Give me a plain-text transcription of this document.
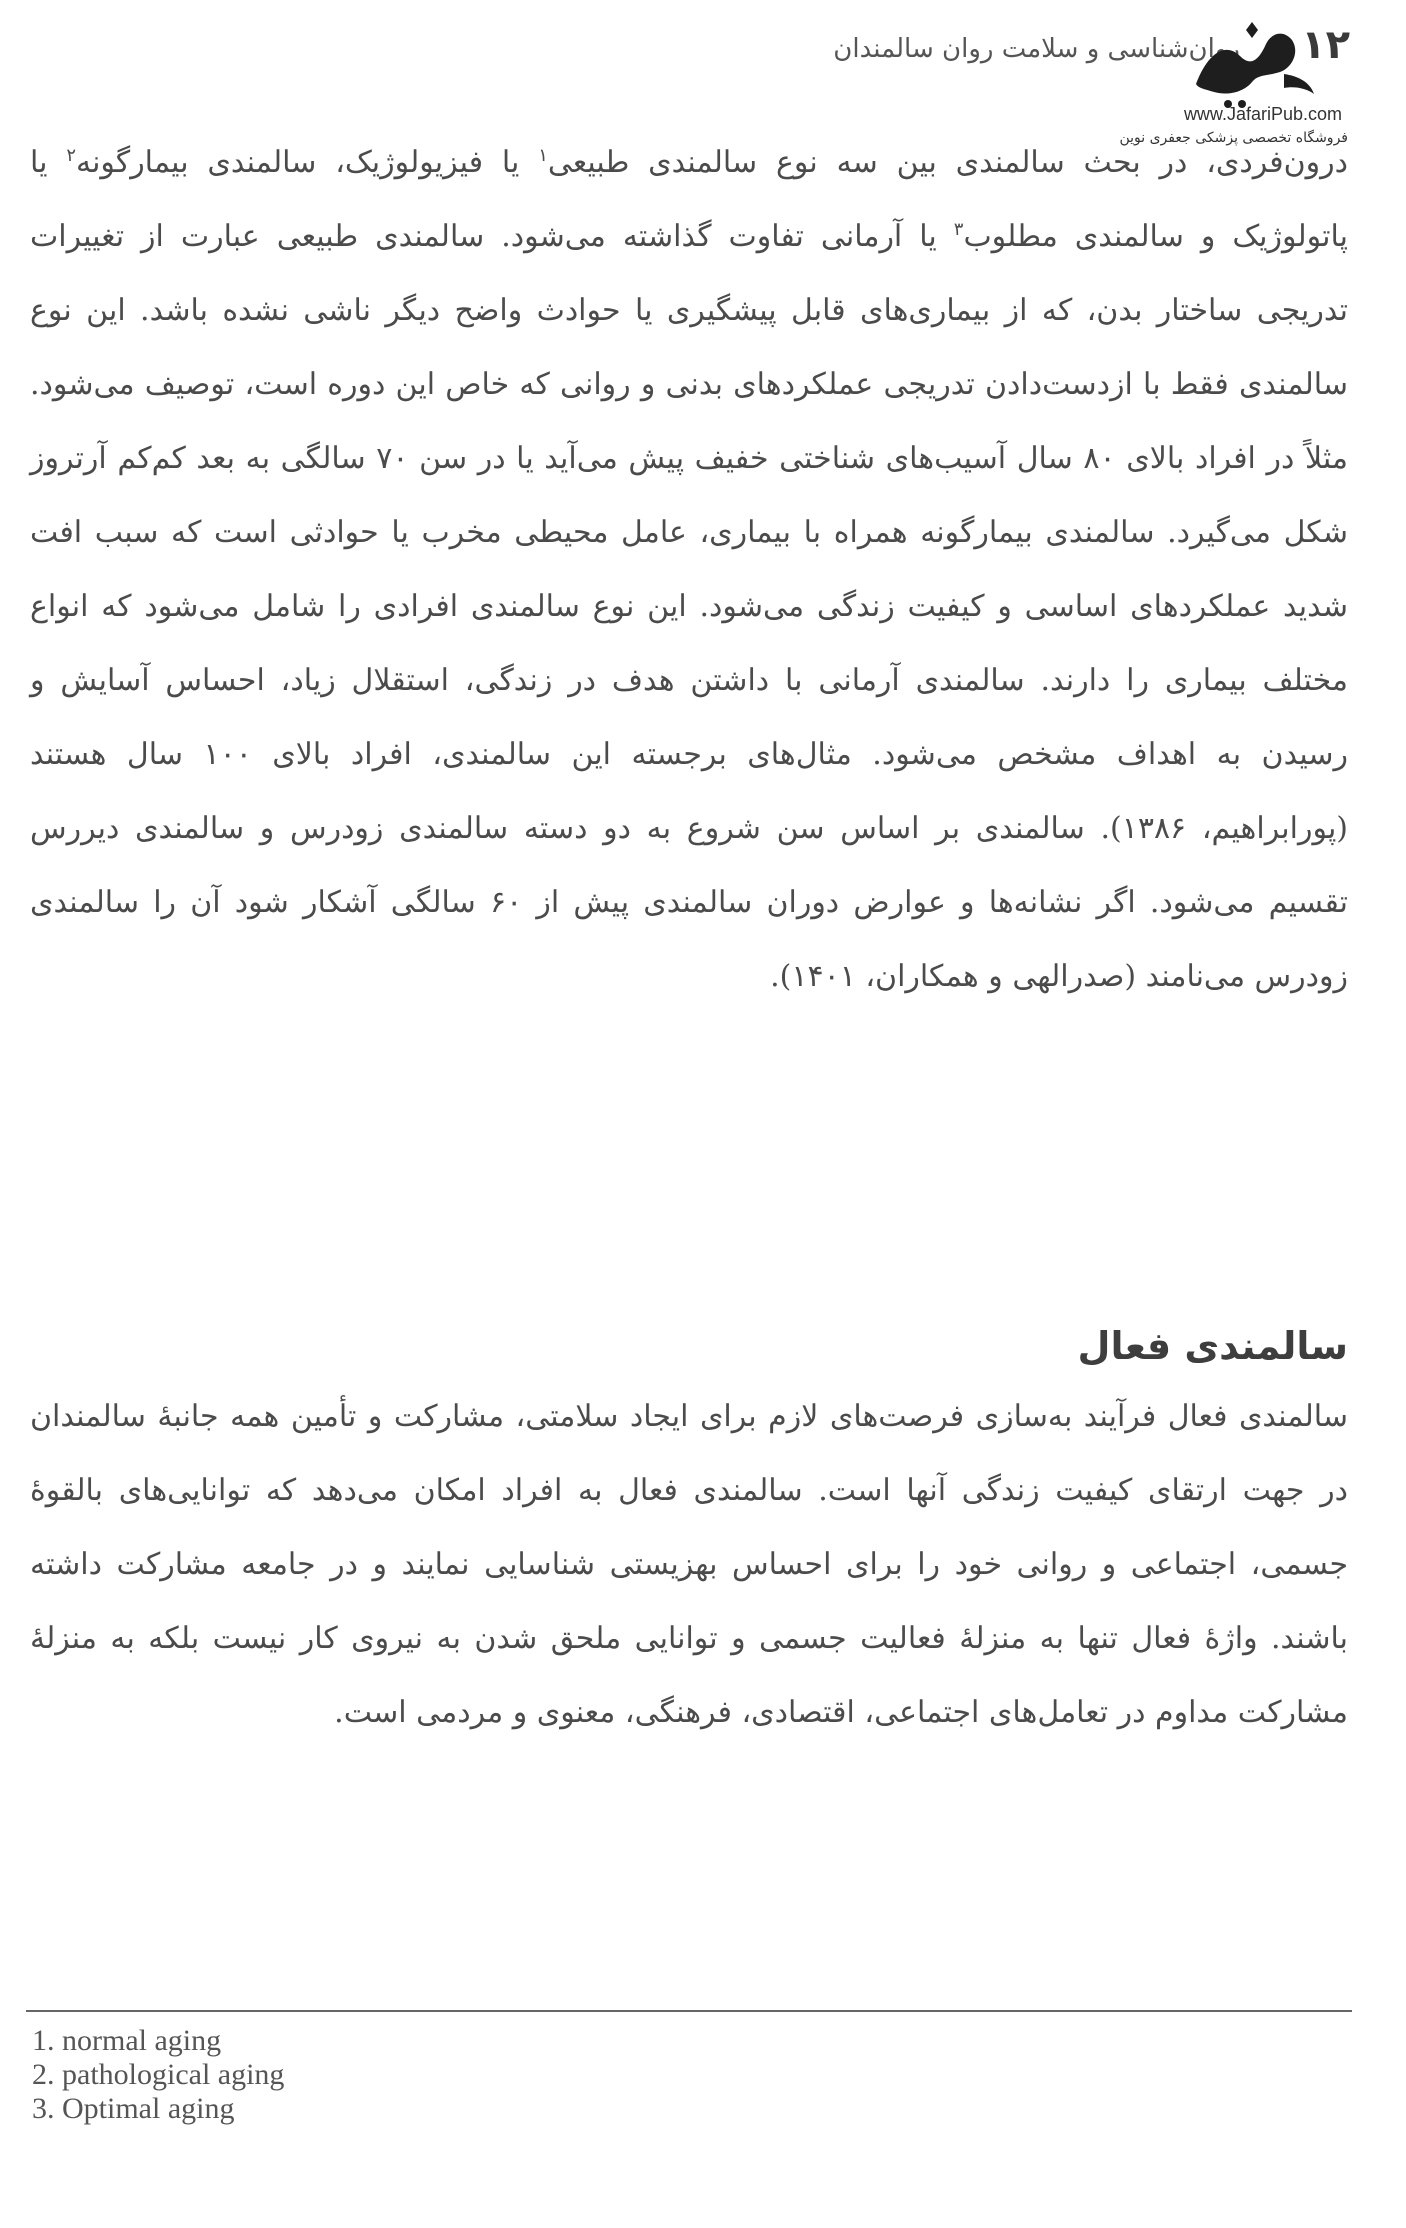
۱۲
روان‌شناسی و سلامت روان سالمندان
www.JafariPub.com
فروشگاه تخصصی پزشکی جعفری نوین
درون‌فردی، در بحث سالمندی بین سه نوع سالمندی طبیعی$^۱$ یا فیزیولوژیک، سالمندی بیمارگونه$^۲$ یا پاتولوژیک و سالمندی مطلوب$^۳$ یا آرمانی تفاوت گذاشته می‌شود. سالمندی طبیعی عبارت از تغییرات تدریجی ساختار بدن، که از بیماری‌های قابل پیشگیری یا حوادث واضح دیگر ناشی نشده باشد. این نوع سالمندی فقط با ازدست‌دادن تدریجی عملکردهای بدنی و روانی که خاص این دوره است، توصیف می‌شود. مثلاً در افراد بالای ۸۰ سال آسیب‌های شناختی خفیف پیش می‌آید یا در سن ۷۰ سالگی به بعد کم‌کم آرتروز شکل می‌گیرد. سالمندی بیمارگونه همراه با بیماری، عامل محیطی مخرب یا حوادثی است که سبب افت شدید عملکردهای اساسی و کیفیت زندگی می‌شود. این نوع سالمندی افرادی را شامل می‌شود که انواع مختلف بیماری را دارند. سالمندی آرمانی با داشتن هدف در زندگی، استقلال زیاد، احساس آسایش و رسیدن به اهداف مشخص می‌شود. مثال‌های برجسته این سالمندی، افراد بالای ۱۰۰ سال هستند (پورابراهیم، ۱۳۸۶). سالمندی بر اساس سن شروع به دو دسته سالمندی زودرس و سالمندی دیررس تقسیم می‌شود. اگر نشانه‌ها و عوارض دوران سالمندی پیش از ۶۰ سالگی آشکار شود آن را سالمندی زودرس می‌نامند (صدرالهی و همکاران، ۱۴۰۱).
سالمندی فعال
سالمندی فعال فرآیند به‌سازی فرصت‌های لازم برای ایجاد سلامتی، مشارکت و تأمین همه جانبهٔ سالمندان در جهت ارتقای کیفیت زندگی آنها است. سالمندی فعال به افراد امکان می‌دهد که توانایی‌های بالقوهٔ جسمی، اجتماعی و روانی خود را برای احساس بهزیستی شناسایی نمایند و در جامعه مشارکت داشته باشند. واژهٔ فعال تنها به منزلهٔ فعالیت جسمی و توانایی ملحق شدن به نیروی کار نیست بلکه به منزلهٔ مشارکت مداوم در تعامل‌های اجتماعی، اقتصادی، فرهنگی، معنوی و مردمی است.
1. normal aging
2. pathological aging
3. Optimal aging
